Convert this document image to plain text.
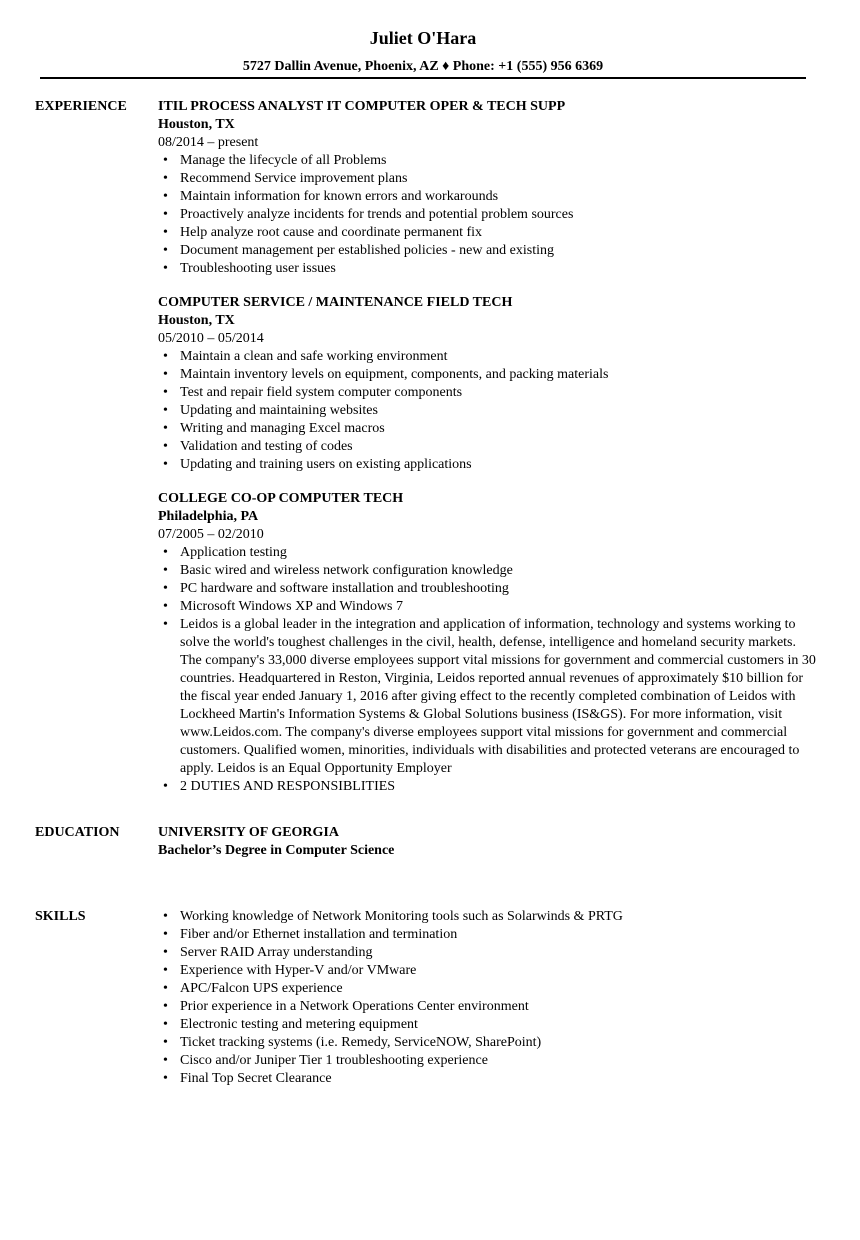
Juliet O'Hara
5727 Dallin Avenue, Phoenix, AZ ♦ Phone: +1 (555) 956 6369
EXPERIENCE ITIL PROCESS ANALYST IT COMPUTER OPER & TECH SUPP
Houston, TX
08/2014 – present
• Manage the lifecycle of all Problems
• Recommend Service improvement plans
• Maintain information for known errors and workarounds
• Proactively analyze incidents for trends and potential problem sources
• Help analyze root cause and coordinate permanent fix
• Document management per established policies - new and existing
• Troubleshooting user issues
COMPUTER SERVICE / MAINTENANCE FIELD TECH
Houston, TX
05/2010 – 05/2014
• Maintain a clean and safe working environment
• Maintain inventory levels on equipment, components, and packing materials
• Test and repair field system computer components
• Updating and maintaining websites
• Writing and managing Excel macros
• Validation and testing of codes
• Updating and training users on existing applications
COLLEGE CO-OP COMPUTER TECH
Philadelphia, PA
07/2005 – 02/2010
• Application testing
• Basic wired and wireless network configuration knowledge
• PC hardware and software installation and troubleshooting
• Microsoft Windows XP and Windows 7
• Leidos is a global leader in the integration and application of information, technology and systems working to solve the world's toughest challenges in the civil, health, defense, intelligence and homeland security markets. The company's 33,000 diverse employees support vital missions for government and commercial customers in 30 countries. Headquartered in Reston, Virginia, Leidos reported annual revenues of approximately $10 billion for the fiscal year ended January 1, 2016 after giving effect to the recently completed combination of Leidos with Lockheed Martin's Information Systems & Global Solutions business (IS&GS). For more information, visit www.Leidos.com. The company's diverse employees support vital missions for government and commercial customers. Qualified women, minorities, individuals with disabilities and protected veterans are encouraged to apply. Leidos is an Equal Opportunity Employer
• 2 DUTIES AND RESPONSIBLITIES
EDUCATION	UNIVERSITY OF GEORGIA
Bachelor’s Degree in Computer Science
SKILLS
•	Working knowledge of Network Monitoring tools such as Solarwinds & PRTG
• Fiber and/or Ethernet installation and termination
• Server RAID Array understanding
• Experience with Hyper-V and/or VMware
• APC/Falcon UPS experience
• Prior experience in a Network Operations Center environment
• Electronic testing and metering equipment
• Ticket tracking systems (i.e. Remedy, ServiceNOW, SharePoint)
• Cisco and/or Juniper Tier 1 troubleshooting experience
• Final Top Secret Clearance
